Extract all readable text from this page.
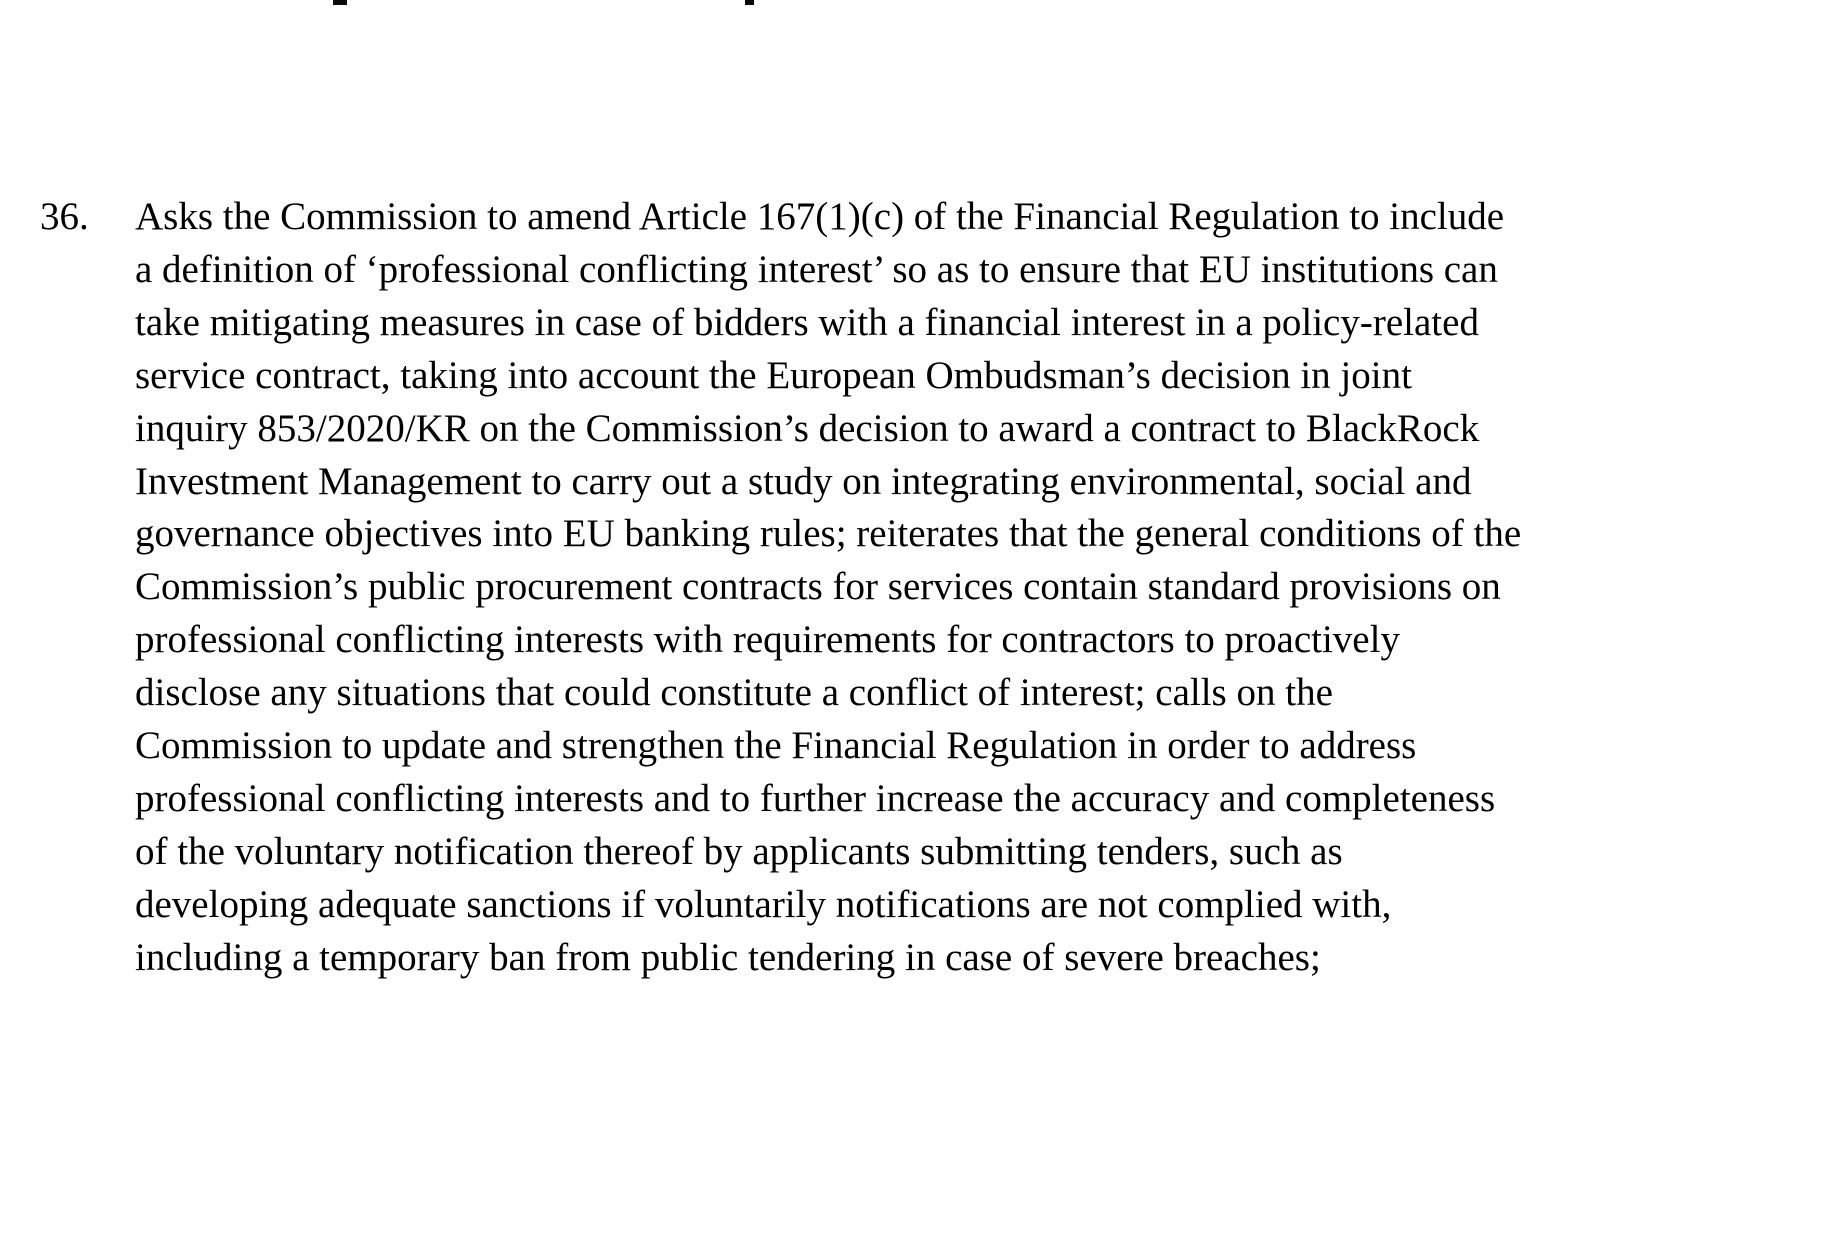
36. Asks the Commission to amend Article 167(1)(c) of the Financial Regulation to include
a definition of ‘professional conflicting interest’ so as to ensure that EU institutions can
take mitigating measures in case of bidders with a financial interest in a policy-related
service contract, taking into account the European Ombudsman’s decision in joint
inquiry 853/2020/KR on the Commission’s decision to award a contract to BlackRock
Investment Management to carry out a study on integrating environmental, social and
governance objectives into EU banking rules; reiterates that the general conditions of the
Commission’s public procurement contracts for services contain standard provisions on
professional conflicting interests with requirements for contractors to proactively
disclose any situations that could constitute a conflict of interest; calls on the
Commission to update and strengthen the Financial Regulation in order to address
professional conflicting interests and to further increase the accuracy and completeness
of the voluntary notification thereof by applicants submitting tenders, such as
developing adequate sanctions if voluntarily notifications are not complied with,
including a temporary ban from public tendering in case of severe breaches;
